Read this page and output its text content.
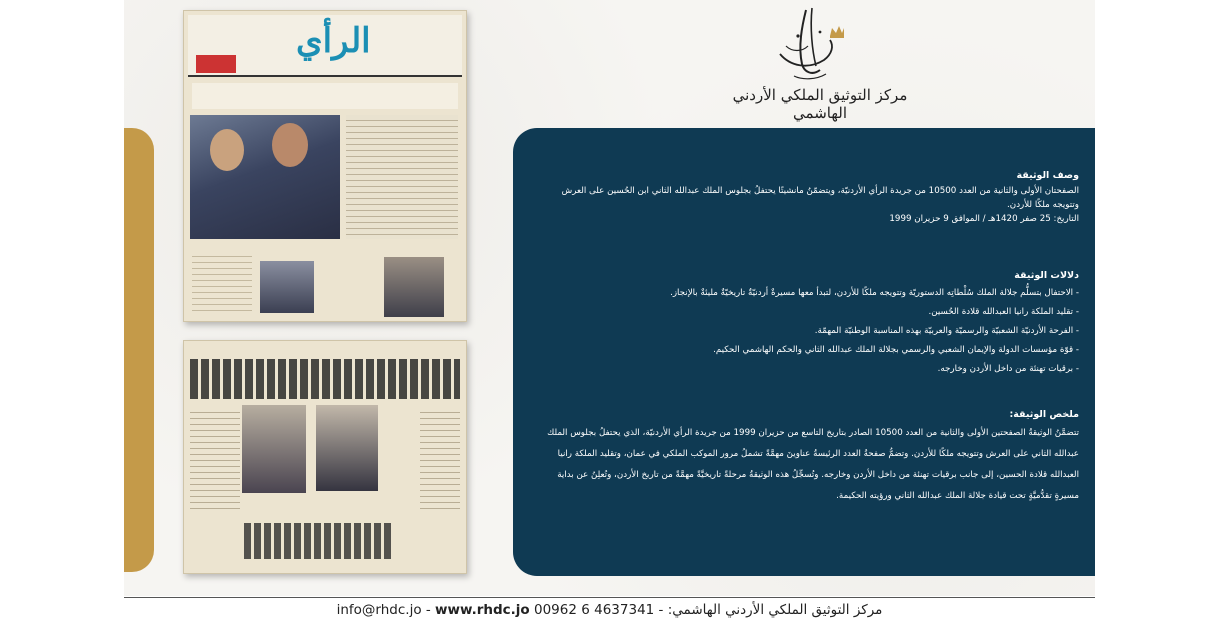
الرأي
مركز التوثيق الملكي الأردني الهاشمي
وصف الوثيقة

الصفحتان الأولى والثانية من العدد 10500 من جريدة الرأي الأردنيّة، ويتضمّنُ مانشيتًا يحتفلُ بجلوس الملك عبدالله الثاني ابن الحُسين على العرش وتتويجه ملكًا للأردن.

التاريخ: 25 صفر 1420هـ / الموافق 9 حزيران 1999

دلالات الوثيقة
- الاحتفال بتسلُّم جلالة الملك سُلْطاتِه الدستوريّة وتتويجه ملكًا للأردن، لتبدأ معها مسيرةٌ أردنيّةٌ تاريخيّةٌ مليئةٌ بالإنجاز.
- تقليد الملكة رانيا العبدالله قلادة الحُسين.
- الفرحة الأردنيّة الشعبيّة والرسميّة والعربيّة بهذه المناسبة الوطنيّة المهمّة.
- قوّة مؤسسات الدولة والإيمان الشعبي والرسمي بجلالة الملك عبدالله الثاني والحكم الهاشمي الحكيم.
- برقيات تهنئة من داخل الأردن وخارجه.
ملخص الوثيقة:

تتضمَّنُ الوثيقةُ الصفحتين الأولى والثانية من العدد 10500 الصادر بتاريخ التاسع من حزيران 1999 من جريدة الرأي الأردنيّة، الذي يحتفلُ بجلوس الملك عبدالله الثاني على العرش وتتويجه ملكًا للأردن. وتضمُّ صفحةُ العدد الرئيسةُ عناوينَ مهمَّةً تشملُ مرور الموكب الملكي في عمان، وتقليد الملكة رانيا العبدالله قلادة الحسين، إلى جانب برقيات تهنئة من داخل الأردن وخارجه. وتُسجِّلُ هذه الوثيقةُ مرحلةً تاريخيَّةً مهمَّةً من تاريخ الأردن، وتُعلِنُ عن بداية مسيرةٍ تقدُّميَّةٍ تحت قيادة جلالة الملك عبدالله الثاني ورؤيته الحكيمة.

info@rhdc.jo - www.rhdc.jo 00962 6 4637341 - مركز التوثيق الملكي الأردني الهاشمي:
